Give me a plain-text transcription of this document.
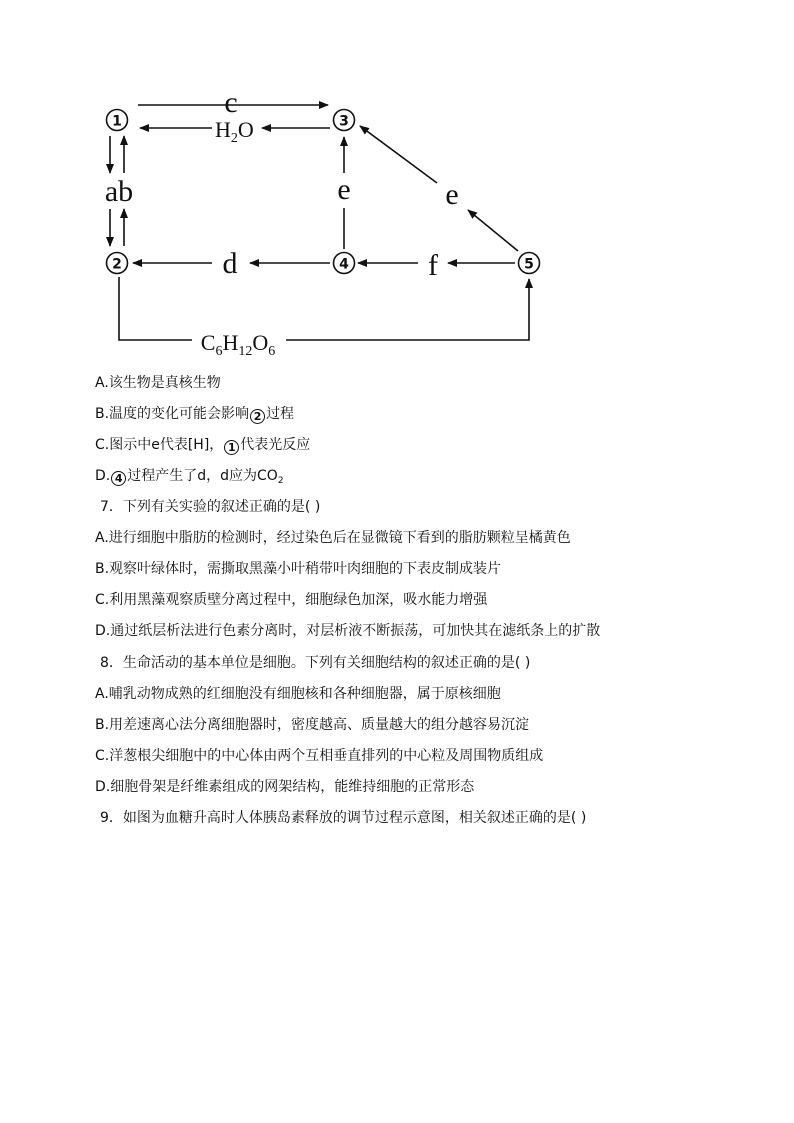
1
2
3
4	5
c
$H_2O$
ab	e	e
f
d
$C_6H_{12}O_6$
A.该生物是真核生物
B.温度的变化可能会影响 2 过程
C.图示中e代表[H]， 1 代表光反应
D. 4 过程产生了d，d应为$CO_2$
7．下列有关实验的叙述正确的是( )
A.进行细胞中脂肪的检测时，经过染色后在显微镜下看到的脂肪颗粒呈橘黄色
B.观察叶绿体时，需撕取黑藻小叶稍带叶肉细胞的下表皮制成装片
C.利用黑藻观察质壁分离过程中，细胞绿色加深，吸水能力增强
D.通过纸层析法进行色素分离时，对层析液不断振荡，可加快其在滤纸条上的扩散
8．生命活动的基本单位是细胞。下列有关细胞结构的叙述正确的是( )
A.哺乳动物成熟的红细胞没有细胞核和各种细胞器，属于原核细胞
B.用差速离心法分离细胞器时，密度越高、质量越大的组分越容易沉淀
C.洋葱根尖细胞中的中心体由两个互相垂直排列的中心粒及周围物质组成
D.细胞骨架是纤维素组成的网架结构，能维持细胞的正常形态
9．如图为血糖升高时人体胰岛素释放的调节过程示意图，相关叙述正确的是( )
